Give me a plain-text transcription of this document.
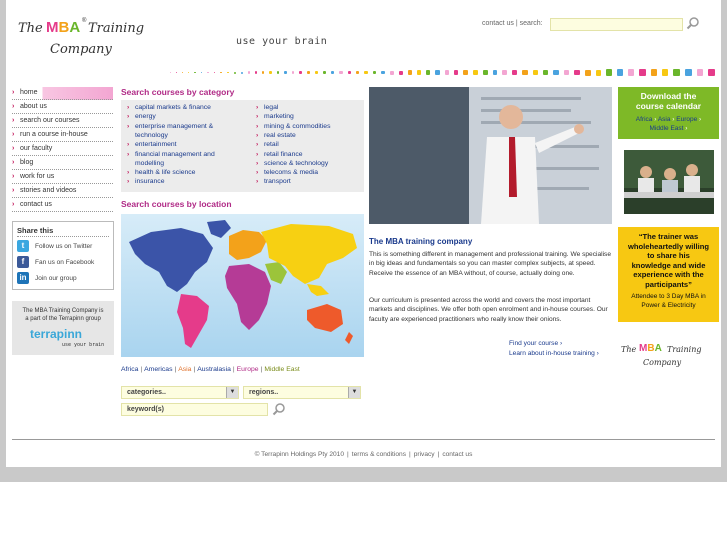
The MBA ® Training
Company
use your brain
contact us | search:
› home
› about us
› search our courses
› run a course in-house
› our faculty
› blog
› work for us
› stories and videos
› contact us
Share this
t	Follow us on Twitter
f	Fan us on Facebook
in	Join our group
The MBA Training Company is
a part of the Terrapinn group
terrapinn
use your brain
Search courses by category
› capital markets & finance
› energy
› enterprise management &
technology
› entertainment
› financial management and
modelling
› health & life science
› insurance
› legal
› marketing
› mining & commodities
› real estate
› retail
› retail finance
› science & technology
› telecoms & media
› transport
Search courses by location
Africa | Americas | Asia | Australasia | Europe | Middle East
categories..	▼	regions..	▼
keyword(s)
The MBA training company
This is something different in management and professional training. We specialise in big ideas and fundamentals so you can master complex subjects, at speed. Receive the essence of an MBA without, of course, actually doing one.
Our curriculum is presented across the world and covers the most important markets and disciplines. We offer both open enrolment and in-house courses. Our faculty are experienced practitioners who really know their onions.
Find your course ›
Learn about in-house training ›
Download the
course calendar
Africa › Asia › Europe ›
Middle East ›
“The trainer was
wholeheartedly willing
to share his
knowledge and wide
experience with the
participants”
Attendee to 3 Day MBA in
Power & Electricity
The MBA Training
Company
© Terrapinn Holdings Pty 2010 | terms & conditions | privacy | contact us
